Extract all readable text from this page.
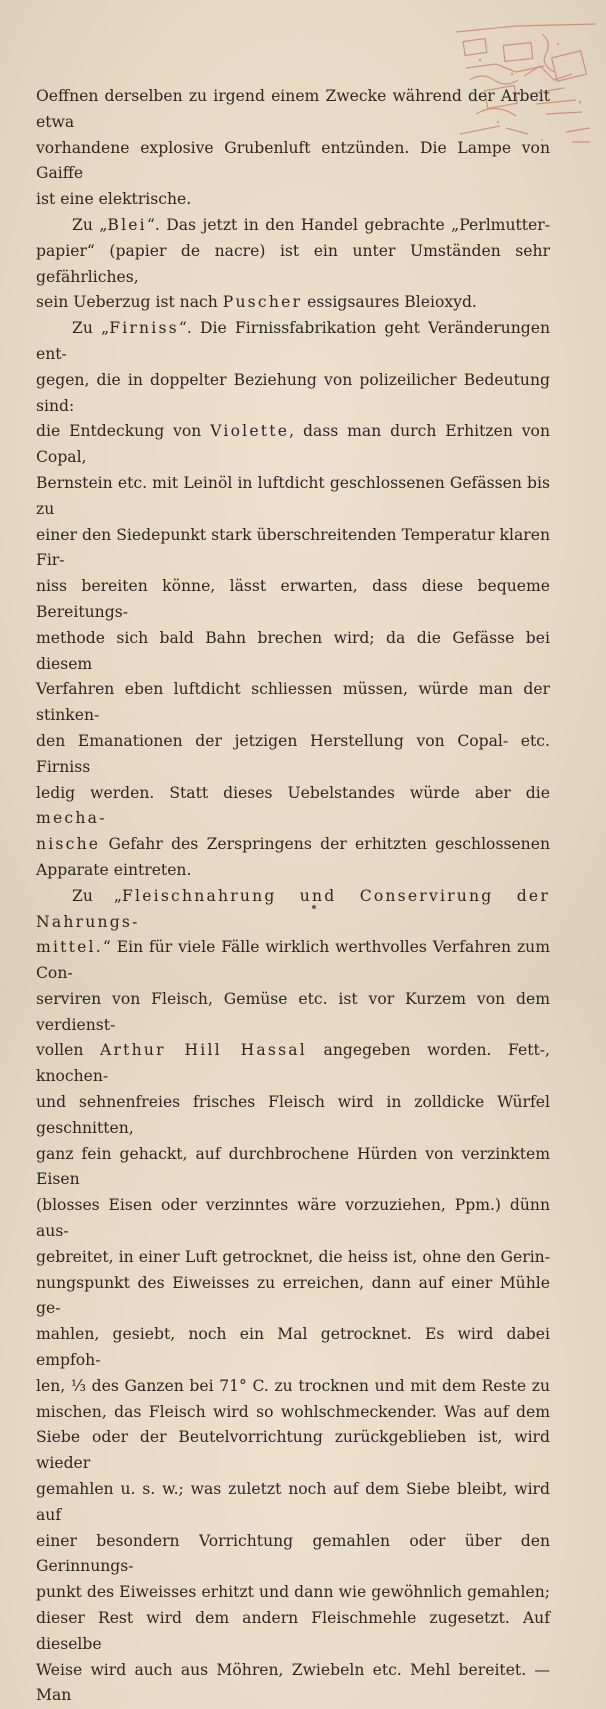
Oeffnen derselben zu irgend einem Zwecke während der Arbeit etwa

vorhandene explosive Grubenluft entzünden. Die Lampe von Gaiffe

ist eine elektrische.

Zu „Blei“. Das jetzt in den Handel gebrachte „Perlmutter-

papier“ (papier de nacre) ist ein unter Umständen sehr gefährliches,

sein Ueberzug ist nach Puscher essigsaures Bleioxyd.

Zu „Firniss“. Die Firnissfabrikation geht Veränderungen ent-

gegen, die in doppelter Beziehung von polizeilicher Bedeutung sind:

die Entdeckung von Violette, dass man durch Erhitzen von Copal,

Bernstein etc. mit Leinöl in luftdicht geschlossenen Gefässen bis zu

einer den Siedepunkt stark überschreitenden Temperatur klaren Fir-

niss bereiten könne, lässt erwarten, dass diese bequeme Bereitungs-

methode sich bald Bahn brechen wird; da die Gefässe bei diesem

Verfahren eben luftdicht schliessen müssen, würde man der stinken-

den Emanationen der jetzigen Herstellung von Copal- etc. Firniss

ledig werden. Statt dieses Uebelstandes würde aber die mecha-

nische Gefahr des Zerspringens der erhitzten geschlossenen

Apparate eintreten.

Zu „Fleischnahrung und Conservirung der Nahrungs-

mittel.“ Ein für viele Fälle wirklich werthvolles Verfahren zum Con-

serviren von Fleisch, Gemüse etc. ist vor Kurzem von dem verdienst-

vollen Arthur Hill Hassal angegeben worden. Fett-, knochen-

und sehnenfreies frisches Fleisch wird in zolldicke Würfel geschnitten,

ganz fein gehackt, auf durchbrochene Hürden von verzinktem Eisen

(blosses Eisen oder verzinntes wäre vorzuziehen, Ppm.) dünn aus-

gebreitet, in einer Luft getrocknet, die heiss ist, ohne den Gerin-

nungspunkt des Eiweisses zu erreichen, dann auf einer Mühle ge-

mahlen, gesiebt, noch ein Mal getrocknet. Es wird dabei empfoh-

len, ⅓ des Ganzen bei 71° C. zu trocknen und mit dem Reste zu

mischen, das Fleisch wird so wohlschmeckender. Was auf dem

Siebe oder der Beutelvorrichtung zurückgeblieben ist, wird wieder

gemahlen u. s. w.; was zuletzt noch auf dem Siebe bleibt, wird auf

einer besondern Vorrichtung gemahlen oder über den Gerinnungs-

punkt des Eiweisses erhitzt und dann wie gewöhnlich gemahlen;

dieser Rest wird dem andern Fleischmehle zugesetzt. Auf dieselbe

Weise wird auch aus Möhren, Zwiebeln etc. Mehl bereitet. — Man
